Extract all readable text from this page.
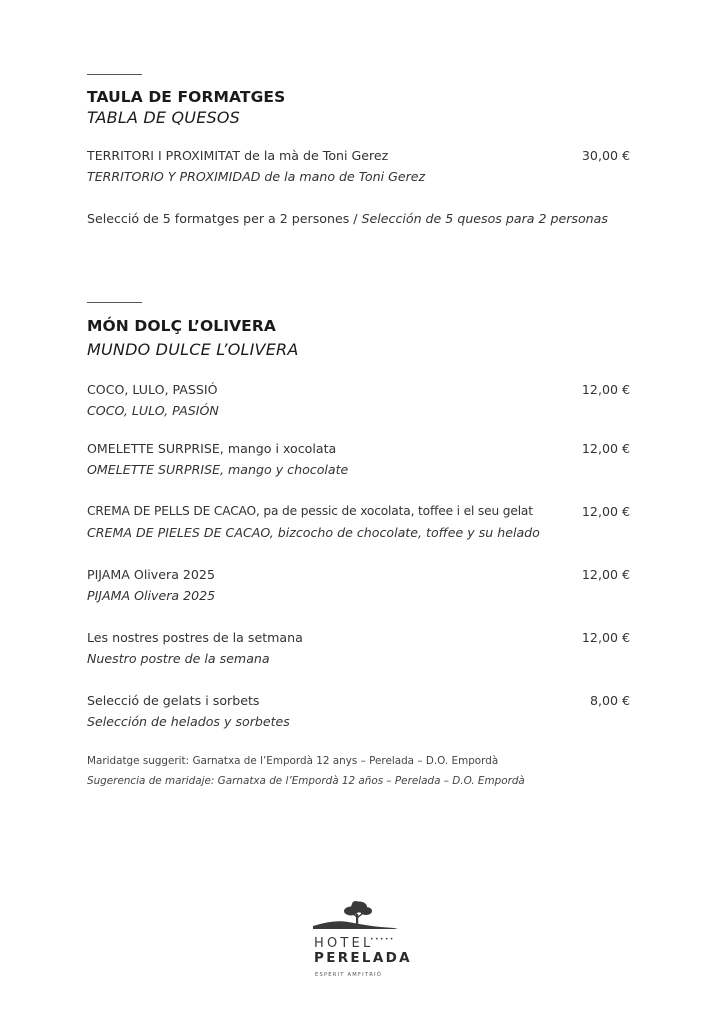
TAULA DE FORMATGES
TABLA DE QUESOS
TERRITORI I PROXIMITAT de la mà de Toni Gerez	30,00 €
TERRITORIO Y PROXIMIDAD de la mano de Toni Gerez
Selecció de 5 formatges per a 2 persones / Selección de 5 quesos para 2 personas
MÓN DOLÇ L’OLIVERA
MUNDO DULCE L’OLIVERA
COCO, LULO, PASSIÓ	12,00 €
COCO, LULO, PASIÓN
OMELETTE SURPRISE, mango i xocolata	12,00 €
OMELETTE SURPRISE, mango y chocolate
CREMA DE PELLS DE CACAO, pa de pessic de xocolata, toffee i el seu gelat	12,00 €
CREMA DE PIELES DE CACAO, bizcocho de chocolate, toffee y su helado
PIJAMA Olivera 2025	12,00 €
PIJAMA Olivera 2025
Les nostres postres de la setmana	12,00 €
Nuestro postre de la semana
Selecció de gelats i sorbets	8,00 €
Selección de helados y sorbetes
Maridatge suggerit: Garnatxa de l’Empordà 12 anys – Perelada – D.O. Empordà
Sugerencia de maridaje: Garnatxa de l’Empordà 12 años – Perelada – D.O. Empordà
HOTEL
•••••
PERELADA
ESPERIT AMFITRIÓ
